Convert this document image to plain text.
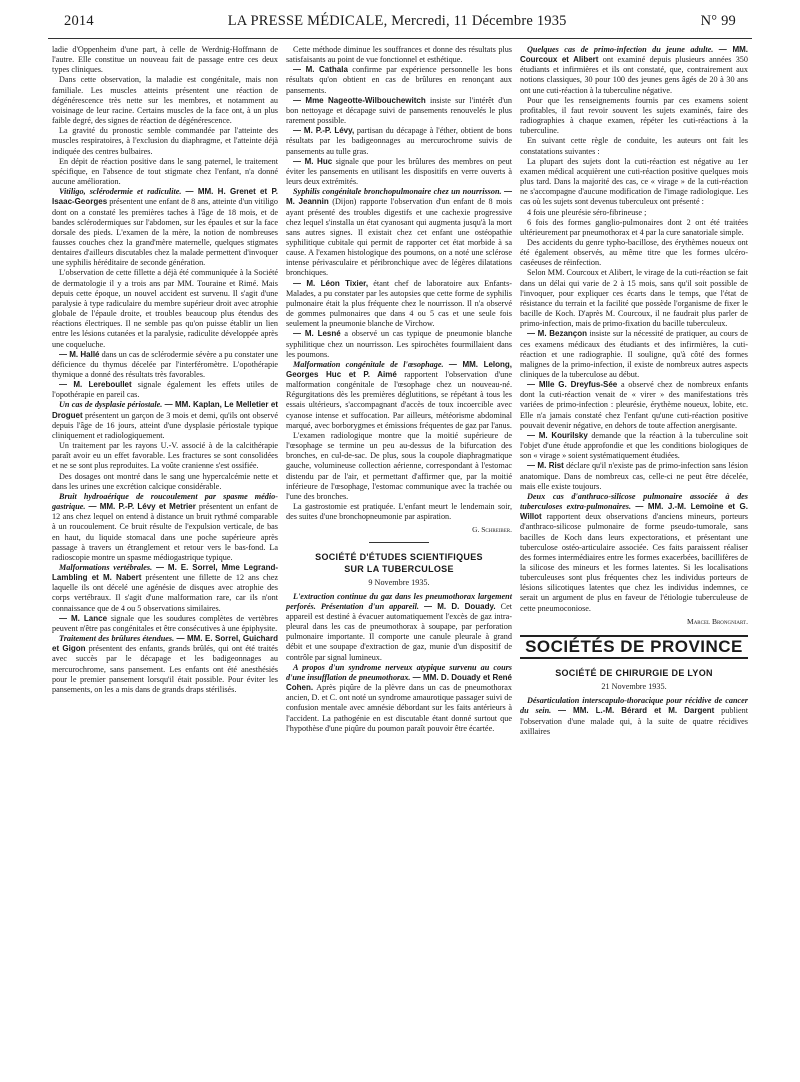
2014	LA PRESSE MÉDICALE, Mercredi, 11 Décembre 1935	N° 99

ladie d'Oppenheim d'une part, à celle de Werdnig-Hoffmann de l'autre. Elle constitue un nouveau fait de passage entre ces deux types cliniques.

Dans cette observation, la maladie est congénitale, mais non familiale. Les muscles atteints présentent une réaction de dégénérescence très nette sur les membres, et notamment au voisinage de leur racine. Certains muscles de la face ont, à un plus faible degré, des signes de réaction de dégénérescence.

La gravité du pronostic semble commandée par l'atteinte des muscles respiratoires, à l'exclusion du diaphragme, et l'atteinte déjà indiquée des centres bulbaires.

En dépit de réaction positive dans le sang paternel, le traitement spécifique, en l'absence de tout stigmate chez l'enfant, n'a donné aucune amélioration.

Vitiligo, sclérodermie et radiculite. — MM. H. Grenet et P. Isaac-Georges présentent une enfant de 8 ans, atteinte d'un vitiligo dont on a constaté les premières taches à l'âge de 18 mois, et de bandes sclérodermiques sur l'abdomen, sur les épaules et sur la face dorsale des pieds. L'examen de la mère, la notion de nombreuses fausses couches chez la grand'mère maternelle, quelques stigmates dentaires d'ailleurs discutables chez la malade permettent d'invoquer une syphilis héréditaire de seconde génération.

L'observation de cette fillette a déjà été communiquée à la Société de dermatologie il y a trois ans par MM. Touraine et Rimé. Mais depuis cette époque, un nouvel accident est survenu. Il s'agit d'une paralysie à type radiculaire du membre supérieur droit avec atrophie globale de l'épaule droite, et troubles beaucoup plus étendus des réactions électriques. Il ne semble pas qu'on puisse établir un lien entre les lésions cutanées et la paralysie, radiculite développée après une coqueluche.

— M. Hallé dans un cas de sclérodermie sévère a pu constater une déficience du thymus décelée par l'interféromètre. L'opothérapie thymique a donné des résultats très favorables.

— M. Lereboullet signale également les effets utiles de l'opothérapie en pareil cas.

Un cas de dysplasie périostale. — MM. Kaplan, Le Melletier et Droguet présentent un garçon de 3 mois et demi, qu'ils ont observé depuis l'âge de 16 jours, atteint d'une dysplasie périostale typique cliniquement et radiologiquement.

Un traitement par les rayons U.-V. associé à de la calcithérapie paraît avoir eu un effet favorable. Les fractures se sont consolidées et ne se sont plus reproduites. La voûte cranienne s'est ossifiée.

Des dosages ont montré dans le sang une hypercalcémie nette et dans les urines une excrétion calcique considérable.

Bruit hydroaérique de roucoulement par spasme médio-gastrique. — MM. P.-P. Lévy et Metrier présentent un enfant de 12 ans chez lequel on entend à distance un bruit rythmé comparable à un roucoulement. Ce bruit résulte de l'expulsion verticale, de bas en haut, du liquide stomacal dans une poche supérieure après passage à travers un étranglement et retour vers le bas-fond. La radioscopie montre un spasme médiogastrique typique.

Malformations vertébrales. — M. E. Sorrel, Mme Legrand-Lambling et M. Nabert présentent une fillette de 12 ans chez laquelle ils ont décelé une agénésie de disques avec atrophie des corps vertébraux. Il s'agit d'une malformation rare, car ils n'ont connaissance que de 4 ou 5 observations similaires.

— M. Lance signale que les soudures complètes de vertèbres peuvent n'être pas congénitales et être consécutives à une épiphysite.

Traitement des brûlures étendues. — MM. E. Sorrel, Guichard et Gigon présentent des enfants, grands brûlés, qui ont été traités avec succès par le décapage et les badigeonnages au mercurochrome, sans pansement. Les enfants ont été anesthésiés pour le premier pansement lorsqu'il était possible. Pour éviter les pansements, on les a mis dans de grands draps stérilisés.

Cette méthode diminue les souffrances et donne des résultats plus satisfaisants au point de vue fonctionnel et esthétique.

— M. Cathala confirme par expérience personnelle les bons résultats qu'on obtient en cas de brûlures en renonçant aux pansements.

— Mme Nageotte-Wilbouchewitch insiste sur l'intérêt d'un bon nettoyage et décapage suivi de pansements renouvelés le plus rarement possible.

— M. P.-P. Lévy, partisan du décapage à l'éther, obtient de bons résultats par les badigeonnages au mercurochrome suivis de pansements au tulle gras.

— M. Huc signale que pour les brûlures des membres on peut éviter les pansements en utilisant les dispositifs en verre ouverts à leurs deux extrémités.

Syphilis congénitale bronchopulmonaire chez un nourrisson. — M. Jeannin (Dijon) rapporte l'observation d'un enfant de 8 mois ayant présenté des troubles digestifs et une cachexie progressive chez lequel s'installa un état cyanosant qui augmenta jusqu'à la mort sans autres signes. Il existait chez cet enfant une ostéopathie syphilitique cubitale qui permit de rapporter cet état morbide à sa cause. A l'examen histologique des poumons, on a noté une sclérose intense périvasculaire et péribronchique avec de légères dilatations bronchiques.

— M. Léon Tixier, étant chef de laboratoire aux Enfants-Malades, a pu constater par les autopsies que cette forme de syphilis pulmonaire était la plus fréquente chez le nourrisson. Il n'a observé de gommes pulmonaires que dans 4 ou 5 cas et une seule fois seulement la pneumonie blanche de Virchow.

— M. Lesné a observé un cas typique de pneumonie blanche syphilitique chez un nourrisson. Les spirochètes fourmillaient dans les poumons.

Malformation congénitale de l'œsophage. — MM. Lelong, Georges Huc et P. Aimé rapportent l'observation d'une malformation congénitale de l'œsophage chez un nouveau-né. Régurgitations dès les premières déglutitions, se répétant à tous les essais ultérieurs, s'accompagnant d'accès de toux incoercible avec cyanose intense et suffocation. Par ailleurs, météorisme abdominal marqué, avec borborygmes et émissions fréquentes de gaz par l'anus.

L'examen radiologique montre que la moitié supérieure de l'œsophage se termine un peu au-dessus de la bifurcation des bronches, en cul-de-sac. De plus, sous la coupole diaphragmatique gauche, volumineuse collection aérienne, correspondant à l'estomac distendu par de l'air, et permettant d'affirmer que, par la moitié inférieure de l'œsophage, l'estomac communique avec la trachée ou l'une des bronches.

La gastrostomie est pratiquée. L'enfant meurt le lendemain soir, des suites d'une bronchopneumonie par aspiration.

G. Schreiber.
SOCIÉTÉ D'ÉTUDES SCIENTIFIQUES
SUR LA TUBERCULOSE
9 Novembre 1935.

L'extraction continue du gaz dans les pneumothorax largement perforés. Présentation d'un appareil. — M. D. Douady. Cet appareil est destiné à évacuer automatiquement l'excès de gaz intra-pleural dans les cas de pneumothorax à soupape, par perforation pulmonaire importante. Il comporte une canule pleurale à grand débit et une soupape d'extraction de gaz, munie d'un dispositif de contrôle par signal lumineux.

A propos d'un syndrome nerveux atypique survenu au cours d'une insufflation de pneumothorax. — MM. D. Douady et René Cohen. Après piqûre de la plèvre dans un cas de pneumothorax ancien, D. et C. ont noté un syndrome amaurotique passager suivi de confusion mentale avec amnésie débordant sur les faits antérieurs à l'accident. La pathogénie en est discutable étant donné surtout que l'hypothèse d'une piqûre du poumon paraît pouvoir être écartée.

Quelques cas de primo-infection du jeune adulte. — MM. Courcoux et Alibert ont examiné depuis plusieurs années 350 étudiants et infirmières et ils ont constaté, que, contrairement aux notions classiques, 30 pour 100 des jeunes gens âgés de 20 à 30 ans ont une cuti-réaction à la tuberculine négative.

Pour que les renseignements fournis par ces examens soient profitables, il faut revoir souvent les sujets examinés, faire des radiographies à chaque examen, répéter les cuti-réactions à la tuberculine.

En suivant cette règle de conduite, les auteurs ont fait les constatations suivantes :

La plupart des sujets dont la cuti-réaction est négative au 1er examen médical acquièrent une cuti-réaction positive quelques mois plus tard. Dans la majorité des cas, ce « virage » de la cuti-réaction ne s'accompagne d'aucune modification de l'image radiologique. Les cas où les sujets sont devenus tuberculeux ont présenté :

4 fois une pleurésie séro-fibrineuse ;

6 fois des formes ganglio-pulmonaires dont 2 ont été traitées ultérieurement par pneumothorax et 4 par la cure sanatoriale simple.

Des accidents du genre typho-bacillose, des érythèmes noueux ont été également observés, au même titre que les formes ulcéro-caséeuses de réinfection.

Selon MM. Courcoux et Alibert, le virage de la cuti-réaction se fait dans un délai qui varie de 2 à 15 mois, sans qu'il soit possible de l'invoquer, pour expliquer ces écarts dans le temps, que l'état de résistance du terrain et la facilité que possède l'organisme de fixer le bacille de Koch. D'après M. Courcoux, il ne faudrait plus parler de primo-infection, mais de primo-fixation du bacille tuberculeux.

— M. Bezançon insiste sur la nécessité de pratiquer, au cours de ces examens médicaux des étudiants et des infirmières, la cuti-réaction et une radiographie. Il souligne, qu'à côté des formes malignes de la primo-infection, il existe de nombreux autres aspects cliniques de la tuberculose au début.

— Mlle G. Dreyfus-Sée a observé chez de nombreux enfants dont la cuti-réaction venait de « virer » des manifestations très variées de primo-infection : pleurésie, érythème noueux, lobite, etc. Elle n'a jamais constaté chez l'enfant qu'une cuti-réaction positive pouvait devenir négative, en dehors de toute affection anergisante.

— M. Kourilsky demande que la réaction à la tuberculine soit l'objet d'une étude approfondie et que les conditions biologiques de son « virage » soient systématiquement étudiées.

— M. Rist déclare qu'il n'existe pas de primo-infection sans lésion anatomique. Dans de nombreux cas, celle-ci ne peut être décelée, mais elle existe toujours.

Deux cas d'anthraco-silicose pulmonaire associée à des tuberculoses extra-pulmonaires. — MM. J.-M. Lemoine et G. Willot rapportent deux observations d'anciens mineurs, porteurs d'anthraco-silicose pulmonaire de forme pseudo-tumorale, sans bacilles de Koch dans leurs expectorations, et présentant une tuberculose ostéo-articulaire associée. Ces faits paraissent réaliser des formes intermédiaires entre les formes exacerbées, bacillifères de la silicose des mineurs et les formes latentes. Si les localisations tuberculeuses sont plus fréquentes chez les individus porteurs de lésions silicotiques latentes que chez les individus indemnes, ce serait un argument de plus en faveur de l'étiologie tuberculeuse de cette pneumoconiose.

Marcel Brongniart.
SOCIÉTÉS DE PROVINCE
SOCIÉTÉ DE CHIRURGIE DE LYON
21 Novembre 1935.

Désarticulation interscapulo-thoracique pour récidive de cancer du sein. — MM. L.-M. Bérard et M. Dargent publient l'observation d'une malade qui, à la suite de quatre récidives axillaires
